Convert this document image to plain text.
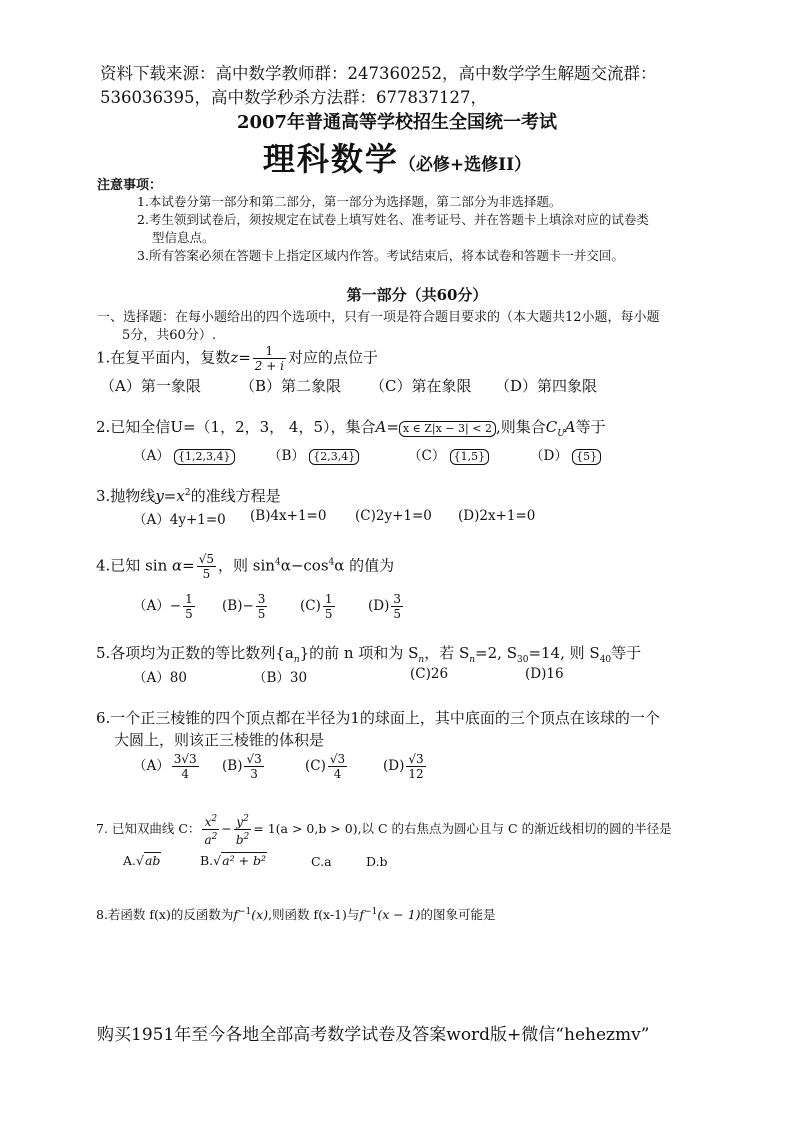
资料下载来源：高中数学教师群：247360252，高中数学学生解题交流群：
536036395，高中数学秒杀方法群：677837127，
2007年普通高等学校招生全国统一考试
理科数学（必修+选修II）
注意事项：
1.本试卷分第一部分和第二部分，第一部分为选择题，第二部分为非选择题。
2.考生领到试卷后，须按规定在试卷上填写姓名、准考证号、并在答题卡上填涂对应的试卷类
型信息点。
3.所有答案必须在答题卡上指定区域内作答。考试结束后，将本试卷和答题卡一并交回。
第一部分（共60分）
一、选择题：在每小题给出的四个选项中，只有一项是符合题目要求的（本大题共12小题，每小题
5分，共60分）.
1.在复平面内，复数$z= \frac{1}{2 + i}$ 对应的点位于
（A）第一象限	（B）第二象限 （C）第在象限 （D）第四象限
2.已知全信U=（1，2，3， 4，5），集合A= x ∈ Z|x − 3| < 2 ,则集合$C_UA$等于
（A） {1,2,3,4}	（B） {2,3,4}	（C） {1,5}	（D） {5}
3.抛物线$y=x^2$的准线方程是
（A）4y+1=0 (B)4x+1=0 (C)2y+1=0 (D)2x+1=0
4.已知 $\sin \alpha= \frac{√5}{5}$ ，则 $\sin^4\alpha-\cos^4\alpha$ 的值为
$(A)- \frac{1}{5} (B)- \frac{3}{5} (C) \frac{1}{5} (D) \frac{3}{5}$
5.各项均为正数的等比数列$\{a_n\}$的前 n 项和为 $S_n$，若 $S_n=2$, $S_{30}=14$, 则 $S_{40}$等于
（A）80	（B）30	(C)26	(D)16
6.一个正三棱锥的四个顶点都在半径为1的球面上，其中底面的三个顶点在该球的一个
大圆上，则该正三棱锥的体积是
$(A) \frac{3√3}{4} (B) \frac{√3}{3}$	$(C) \frac{√3}{4}$	$(D) \frac{√3}{12}$
7. 已知双曲线 C： $\frac{x^2}{a^2} - \frac{y^2}{b^2} = 1(a > 0,b > 0)$,以 C 的右焦点为圆心且与 C 的渐近线相切的圆的半径是
A.√ab	B.√a² + b²	C.a	D.b
8.若函数 f(x)的反函数为$f^{-1}(x)$,则函数 f(x-1)与$f^{-1}(x - 1)$的图象可能是
购买1951年至今各地全部高考数学试卷及答案word版+微信“hehezmv”
